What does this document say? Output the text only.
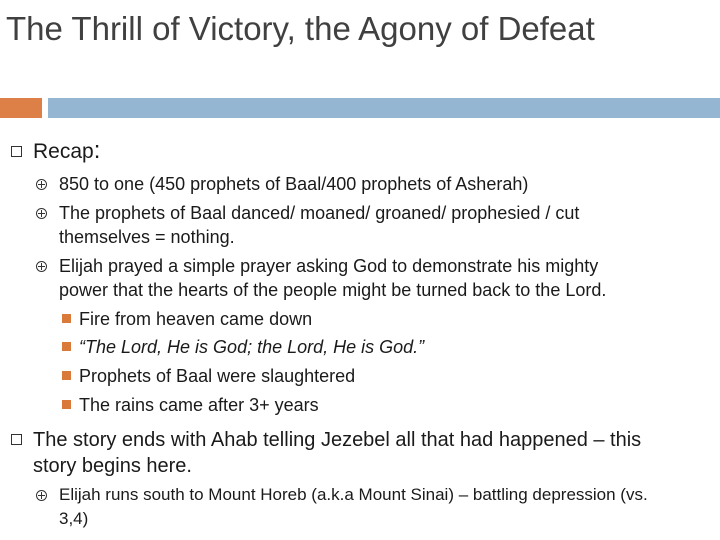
The Thrill of Victory, the Agony of Defeat
Recap:
850 to one (450 prophets of Baal/400 prophets of Asherah)
The prophets of Baal danced/ moaned/ groaned/ prophesied / cut
themselves = nothing.
Elijah prayed a simple prayer asking God to demonstrate his mighty
power that the hearts of the people might be turned back to the Lord.
Fire from heaven came down
“The Lord, He is God; the Lord, He is God.”
Prophets of Baal were slaughtered
The rains came after 3+ years
The story ends with Ahab telling Jezebel all that had happened – this
story begins here.
Elijah runs south to Mount Horeb (a.k.a Mount Sinai) – battling depression (vs.
3,4)
